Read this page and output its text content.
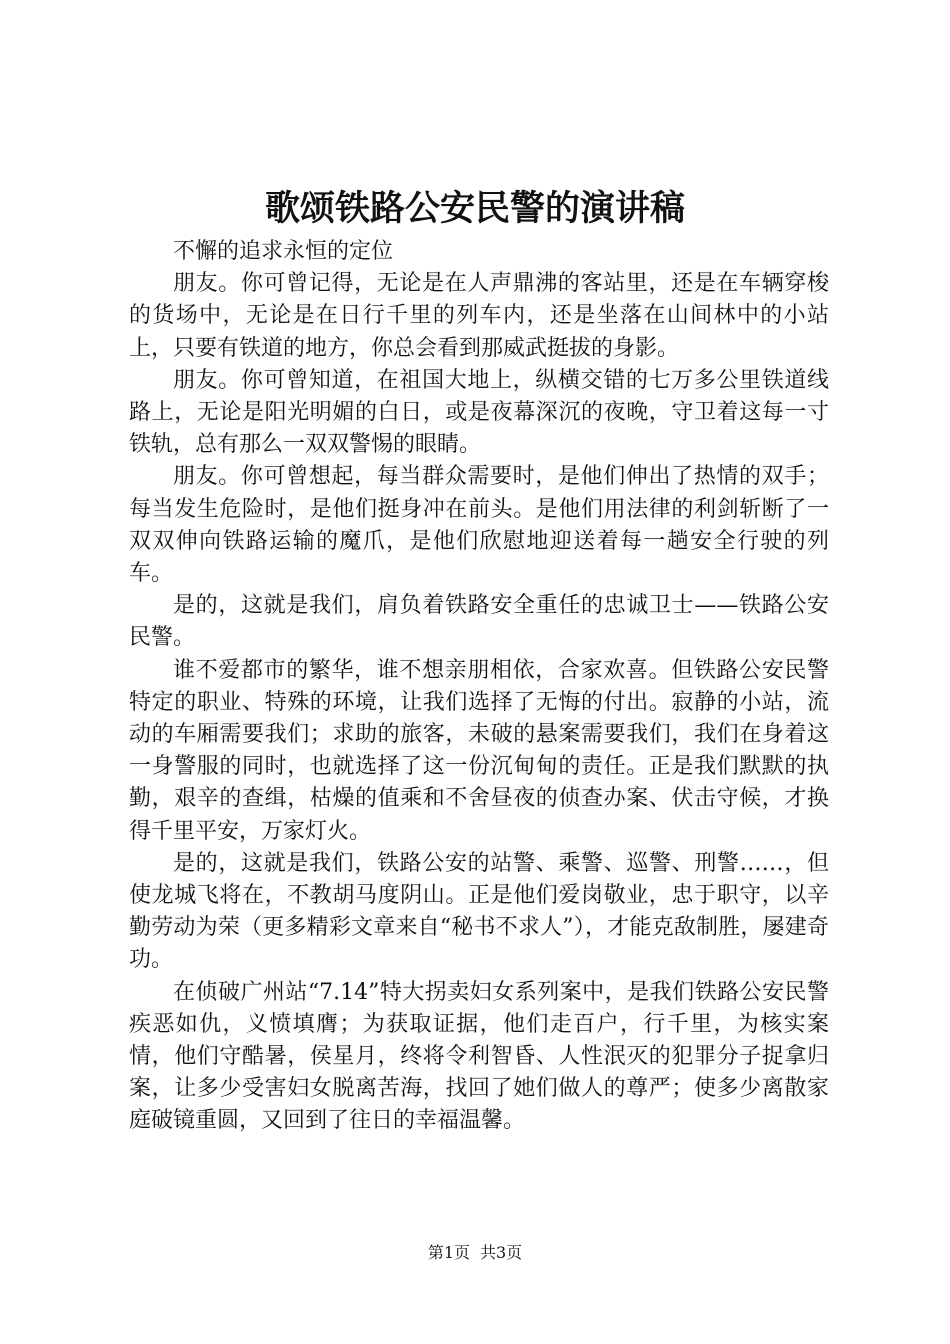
歌颂铁路公安民警的演讲稿

不懈的追求永恒的定位

朋友。你可曾记得，无论是在人声鼎沸的客站里，还是在车辆穿梭的货场中，无论是在日行千里的列车内，还是坐落在山间林中的小站上，只要有铁道的地方，你总会看到那威武挺拔的身影。

朋友。你可曾知道，在祖国大地上，纵横交错的七万多公里铁道线路上，无论是阳光明媚的白日，或是夜幕深沉的夜晚，守卫着这每一寸铁轨，总有那么一双双警惕的眼睛。

朋友。你可曾想起，每当群众需要时，是他们伸出了热情的双手；每当发生危险时，是他们挺身冲在前头。是他们用法律的利剑斩断了一双双伸向铁路运输的魔爪，是他们欣慰地迎送着每一趟安全行驶的列车。

是的，这就是我们，肩负着铁路安全重任的忠诚卫士——铁路公安民警。

谁不爱都市的繁华，谁不想亲朋相依，合家欢喜。但铁路公安民警特定的职业、特殊的环境，让我们选择了无悔的付出。寂静的小站，流动的车厢需要我们；求助的旅客，未破的悬案需要我们，我们在身着这一身警服的同时，也就选择了这一份沉甸甸的责任。正是我们默默的执勤，艰辛的查缉，枯燥的值乘和不舍昼夜的侦查办案、伏击守候，才换得千里平安，万家灯火。

是的，这就是我们，铁路公安的站警、乘警、巡警、刑警……，但使龙城飞将在，不教胡马度阴山。正是他们爱岗敬业，忠于职守，以辛勤劳动为荣（更多精彩文章来自“秘书不求人”），才能克敌制胜，屡建奇功。

在侦破广州站“7.14”特大拐卖妇女系列案中，是我们铁路公安民警疾恶如仇，义愤填膺；为获取证据，他们走百户，行千里，为核实案情，他们守酷暑，侯星月，终将令利智昏、人性泯灭的犯罪分子捉拿归案，让多少受害妇女脱离苦海，找回了她们做人的尊严；使多少离散家庭破镜重圆，又回到了往日的幸福温馨。

第1页 共3页
